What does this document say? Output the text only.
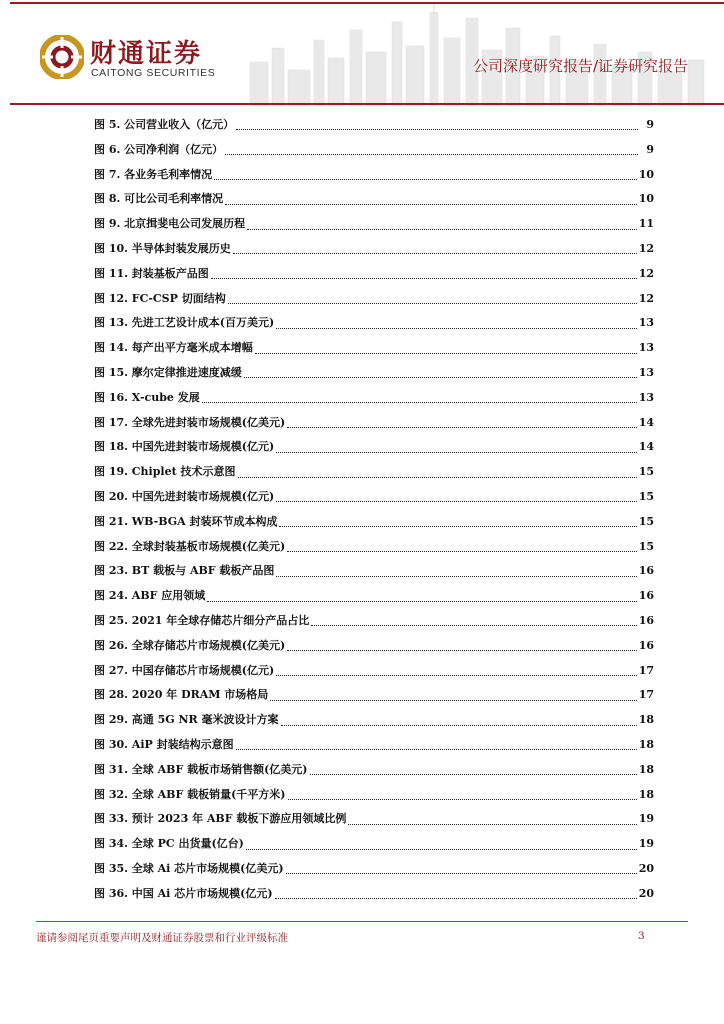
财通证券
CAITONG SECURITIES	公司深度研究报告/证券研究报告
图 5. 公司营业收入（亿元）	9
图 6. 公司净利润（亿元）	9
图 7. 各业务毛利率情况	10
图 8. 可比公司毛利率情况	10
图 9. 北京揖斐电公司发展历程	11
图 10. 半导体封装发展历史	12
图 11. 封装基板产品图	12
图 12. FC-CSP 切面结构	12
图 13. 先进工艺设计成本(百万美元)	13
图 14. 每产出平方毫米成本增幅	13
图 15. 摩尔定律推进速度减缓	13
图 16. X-cube 发展	13
图 17. 全球先进封装市场规模(亿美元)	14
图 18. 中国先进封装市场规模(亿元)	14
图 19. Chiplet 技术示意图	15
图 20. 中国先进封装市场规模(亿元)	15
图 21. WB-BGA 封装环节成本构成	15
图 22. 全球封装基板市场规模(亿美元)	15
图 23. BT 载板与 ABF 载板产品图	16
图 24. ABF 应用领域	16
图 25. 2021 年全球存储芯片细分产品占比	16
图 26. 全球存储芯片市场规模(亿美元)	16
图 27. 中国存储芯片市场规模(亿元)	17
图 28. 2020 年 DRAM 市场格局	17
图 29. 高通 5G NR 毫米波设计方案	18
图 30. AiP 封装结构示意图	18
图 31. 全球 ABF 载板市场销售额(亿美元)	18
图 32. 全球 ABF 载板销量(千平方米)	18
图 33. 预计 2023 年 ABF 载板下游应用领域比例	19
图 34. 全球 PC 出货量(亿台)	19
图 35. 全球 Ai 芯片市场规模(亿美元)	20
图 36. 中国 Ai 芯片市场规模(亿元)	20
谨请参阅尾页重要声明及财通证券股票和行业评级标准	3
